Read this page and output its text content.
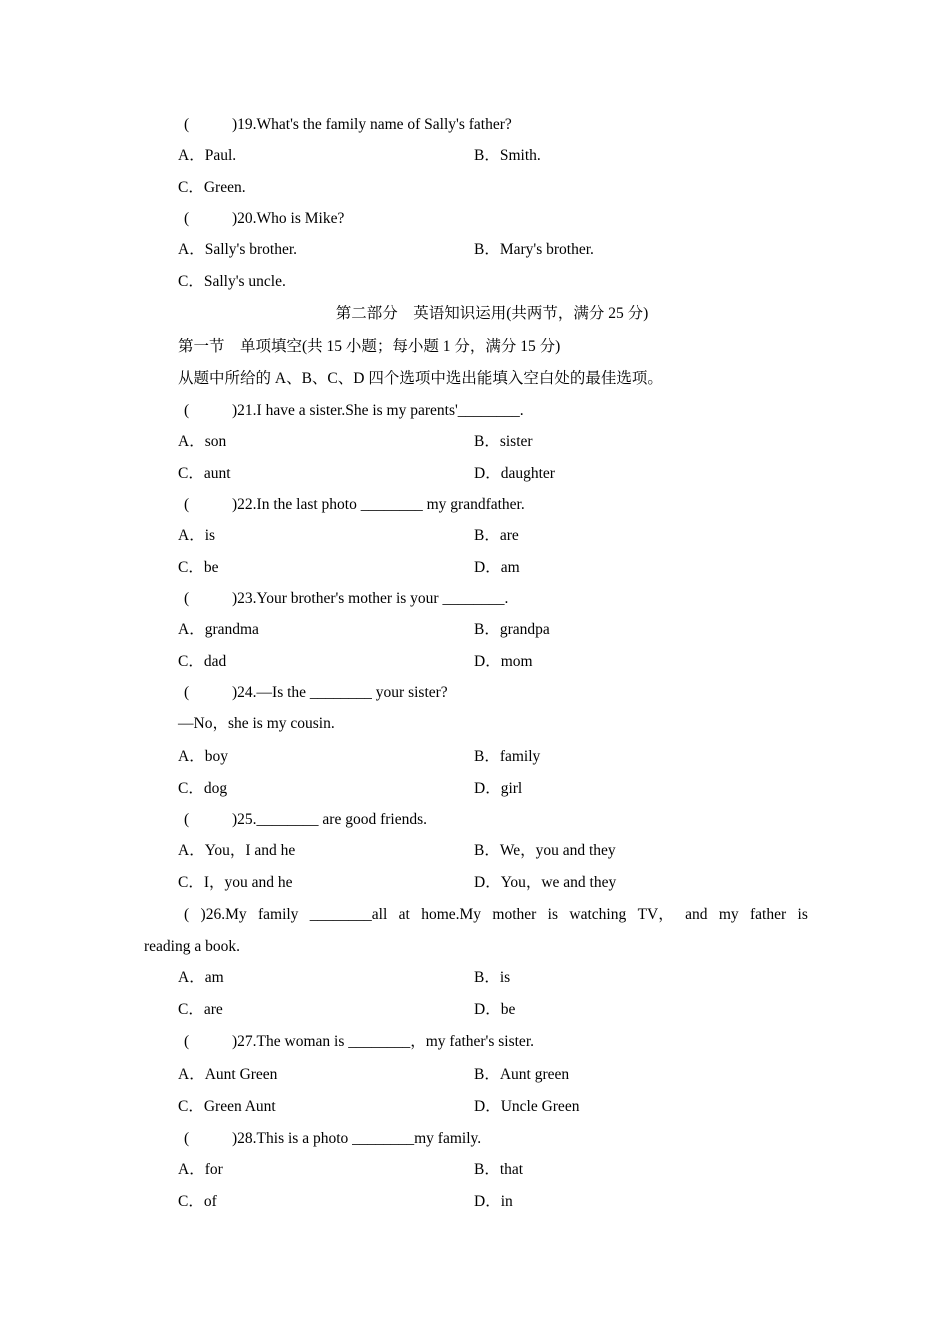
(	)19.What's the family name of Sally's father?
A．Paul.	B．Smith.
C．Green.
(	)20.Who is Mike?
A．Sally's brother.	B．Mary's brother.
C．Sally's uncle.
第二部分　英语知识运用(共两节，满分 25 分)
第一节　单项填空(共 15 小题；每小题 1 分，满分 15 分)
从题中所给的 A、B、C、D 四个选项中选出能填入空白处的最佳选项。
(	)21.I have a sister.She is my parents'________.
A．son	B．sister
C．aunt	D．daughter
(	)22.In the last photo ________ my grandfather.
A．is	B．are
C．be	D．am
(	)23.Your brother's mother is your ________.
A．grandma	B．grandpa
C．dad	D．mom
(	)24.—Is the ________ your sister?
—No，she is my cousin.
A．boy	B．family
C．dog	D．girl
(	)25.________ are good friends.
A．You，I and he	B．We，you and they
C．I，you and he	D．You，we and they
( )26.My family ________all at home.My mother is watching TV， and my father is
reading a book.
A．am	B．is
C．are	D．be
(	)27.The woman is ________，my father's sister.
A．Aunt Green	B．Aunt green
C．Green Aunt	D．Uncle Green
(	)28.This is a photo ________my family.
A．for	B．that
C．of	D．in
